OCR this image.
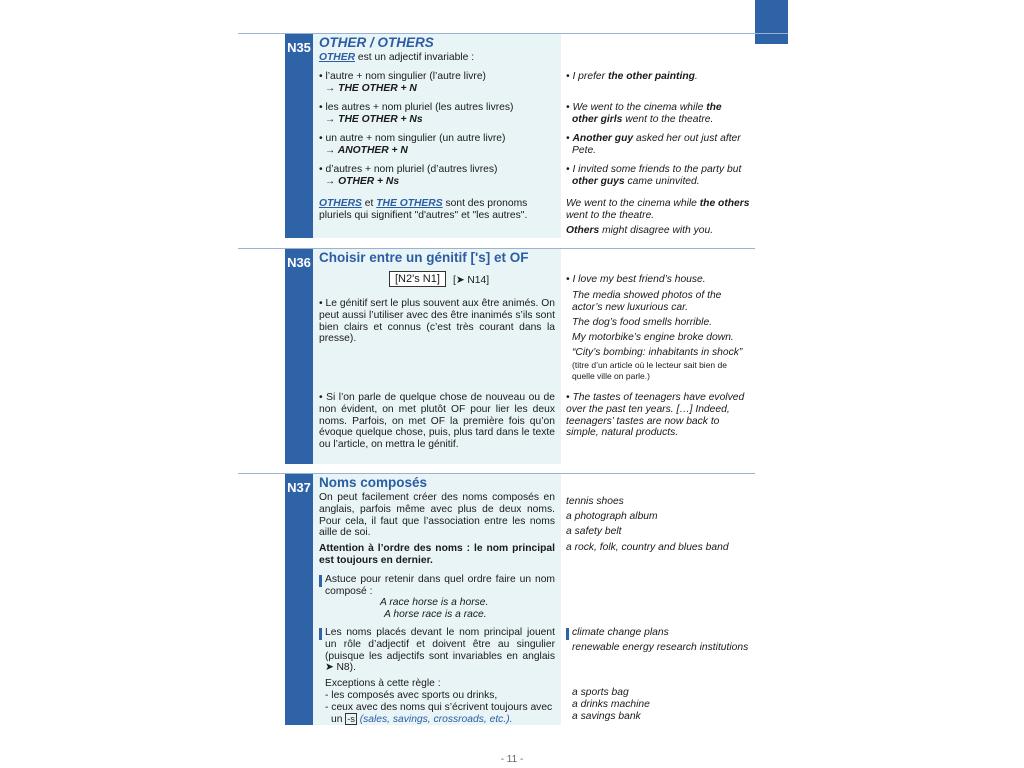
N35 OTHER / OTHERS
OTHER est un adjectif invariable :
• l’autre + nom singulier (l’autre livre)
→ THE OTHER + N
• I prefer the other painting.
• les autres + nom pluriel (les autres livres)
→ THE OTHER + Ns
• We went to the cinema while the
other girls went to the theatre.
• un autre + nom singulier (un autre livre)
→ ANOTHER + N
• Another guy asked her out just after
Pete.
• d’autres + nom pluriel (d’autres livres)
→ OTHER + Ns
• I invited some friends to the party but
other guys came uninvited.
OTHERS et THE OTHERS sont des pronoms
pluriels qui signifient "d'autres" et "les autres".
We went to the cinema while the others
went to the theatre.
Others might disagree with you.
N36 Choisir entre un génitif ['s] et OF
[N2's N1]	[➤ N14]
• Le génitif sert le plus souvent aux être animés. On peut aussi l’utiliser avec des être inanimés s’ils sont bien clairs et connus (c’est très courant dans la presse).
• Si l’on parle de quelque chose de nouveau ou de non évident, on met plutôt OF pour lier les deux noms. Parfois, on met OF la première fois qu’on évoque quelque chose, puis, plus tard dans le texte ou l’article, on mettra le génitif.
• I love my best friend’s house.
The media showed photos of the actor’s new luxurious car.
The dog’s food smells horrible.
My motorbike’s engine broke down.
“City’s bombing: inhabitants in shock”
(titre d’un article où le lecteur sait bien de
quelle ville on parle.)
• The tastes of teenagers have evolved over the past ten years. […] Indeed, teenagers’ tastes are now back to simple, natural products.
N37 Noms composés
On peut facilement créer des noms composés en anglais, parfois même avec plus de deux noms. Pour cela, il faut que l’association entre les noms aille de soi.
Attention à l’ordre des noms : le nom principal est toujours en dernier.
Astuce pour retenir dans quel ordre faire un nom composé :
A race horse is a horse.
A horse race is a race.
Les noms placés devant le nom principal jouent un rôle d’adjectif et doivent être au singulier (puisque les adjectifs sont invariables en anglais ➤ N8).
Exceptions à cette règle :
- les composés avec sports ou drinks,
- ceux avec des noms qui s’écrivent toujours avec
un -s (sales, savings, crossroads, etc.).
tennis shoes
a photograph album
a safety belt
a rock, folk, country and blues band
climate change plans
renewable energy research institutions
a sports bag
a drinks machine
a savings bank
- 11 -
